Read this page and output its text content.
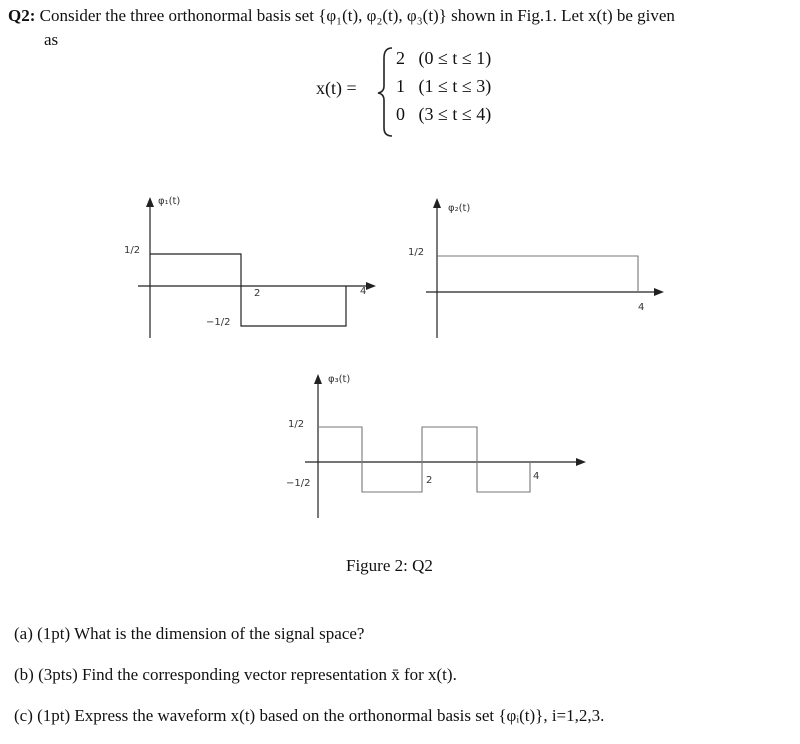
Q2: Consider the three orthonormal basis set {φ₁(t), φ₂(t), φ₃(t)} shown in Fig.1. Let x(t) be given
as
x(t) =
2 (0 ≤ t ≤ 1)
1 (1 ≤ t ≤ 3)
0 (3 ≤ t ≤ 4)
φ₁(t)
1/2
−1/2
2	4
φ₂(t)
1/2
4
φ₃(t)
1/2
−1/2	2	4
Figure 2: Q2
(a) (1pt) What is the dimension of the signal space?
(b) (3pts) Find the corresponding vector representation x̄ for x(t).
(c) (1pt) Express the waveform x(t) based on the orthonormal basis set {φᵢ(t)}, i=1,2,3.
